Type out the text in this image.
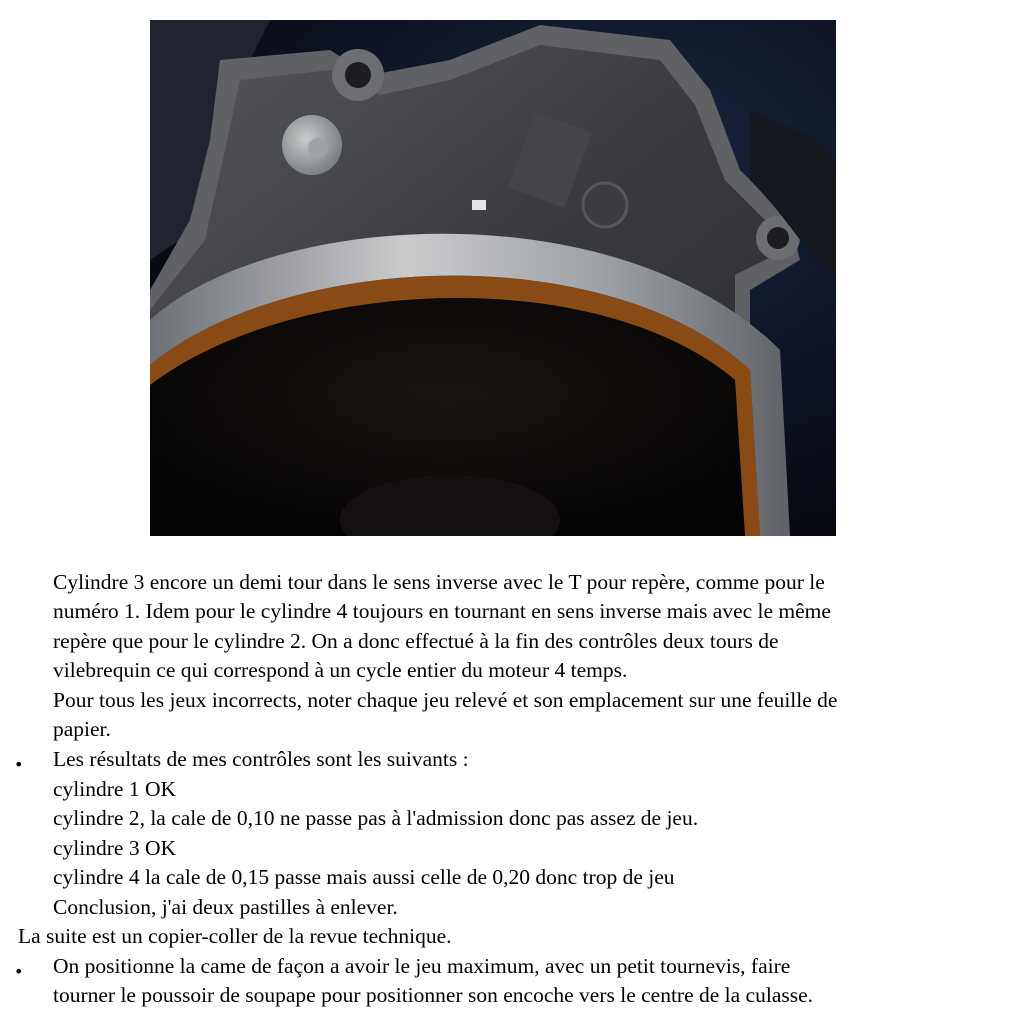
Cylindre 3 encore un demi tour dans le sens inverse avec le T pour repère, comme pour le
numéro 1. Idem pour le cylindre 4 toujours en tournant en sens inverse mais avec le même
repère que pour le cylindre 2. On a donc effectué à la fin des contrôles deux tours de
vilebrequin ce qui correspond à un cycle entier du moteur 4 temps.
Pour tous les jeux incorrects, noter chaque jeu relevé et son emplacement sur une feuille de
papier.
• Les résultats de mes contrôles sont les suivants :
cylindre 1 OK
cylindre 2, la cale de 0,10 ne passe pas à l'admission donc pas assez de jeu.
cylindre 3 OK
cylindre 4 la cale de 0,15 passe mais aussi celle de 0,20 donc trop de jeu
Conclusion, j'ai deux pastilles à enlever.
La suite est un copier-coller de la revue technique.
• On positionne la came de façon a avoir le jeu maximum, avec un petit tournevis, faire
tourner le poussoir de soupape pour positionner son encoche vers le centre de la culasse.
